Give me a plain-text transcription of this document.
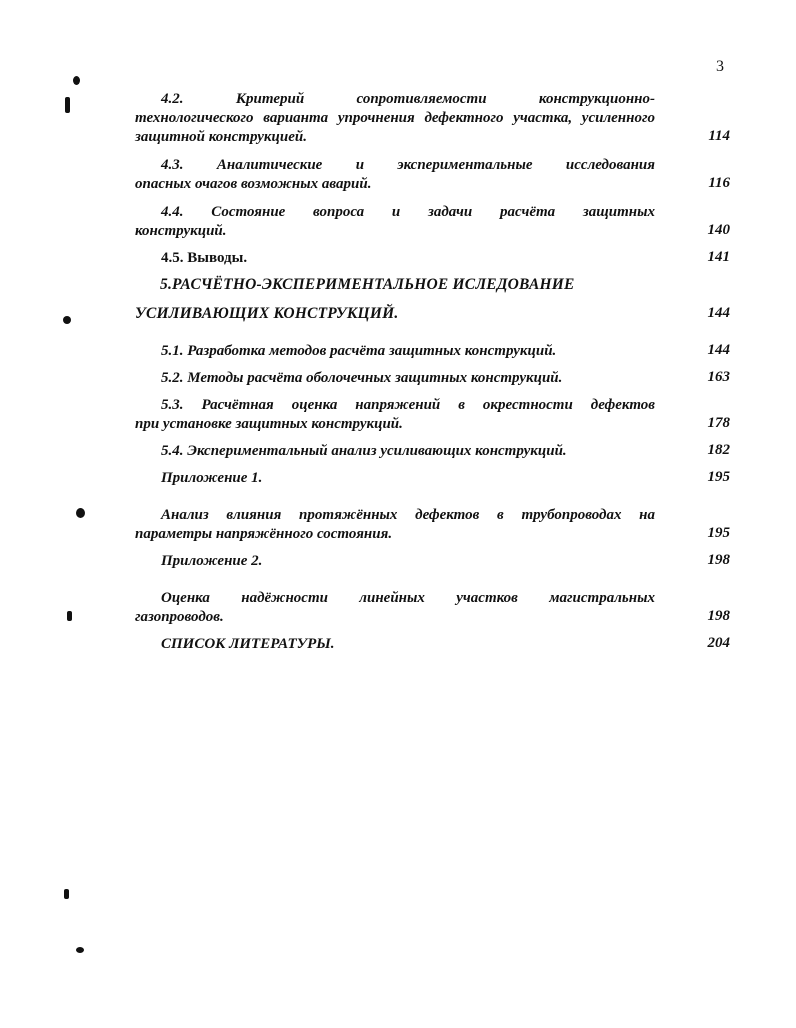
3
4.2. Критерий сопротивляемости конструкционно-
технологического варианта упрочнения дефектного участка, усиленного защитной конструкцией.	114
4.3. Аналитические и экспериментальные исследования
опасных очагов возможных аварий.	116
4.4. Состояние вопроса и задачи расчёта защитных
конструкций.	140
4.5. Выводы.	141
5.РАСЧЁТНО-ЭКСПЕРИМЕНТАЛЬНОЕ ИСЛЕДОВАНИЕ
УСИЛИВАЮЩИХ КОНСТРУКЦИЙ.	144
5.1. Разработка методов расчёта защитных конструкций.	144
5.2. Методы расчёта оболочечных защитных конструкций.	163
5.3. Расчётная оценка напряжений в окрестности дефектов
при установке защитных конструкций.	178
5.4. Экспериментальный анализ усиливающих конструкций.	182
Приложение 1.	195
Анализ влияния протяжённых дефектов в трубопроводах на
параметры напряжённого состояния.	195
Приложение 2.	198
Оценка надёжности линейных участков магистральных
газопроводов.	198
СПИСОК ЛИТЕРАТУРЫ.	204
